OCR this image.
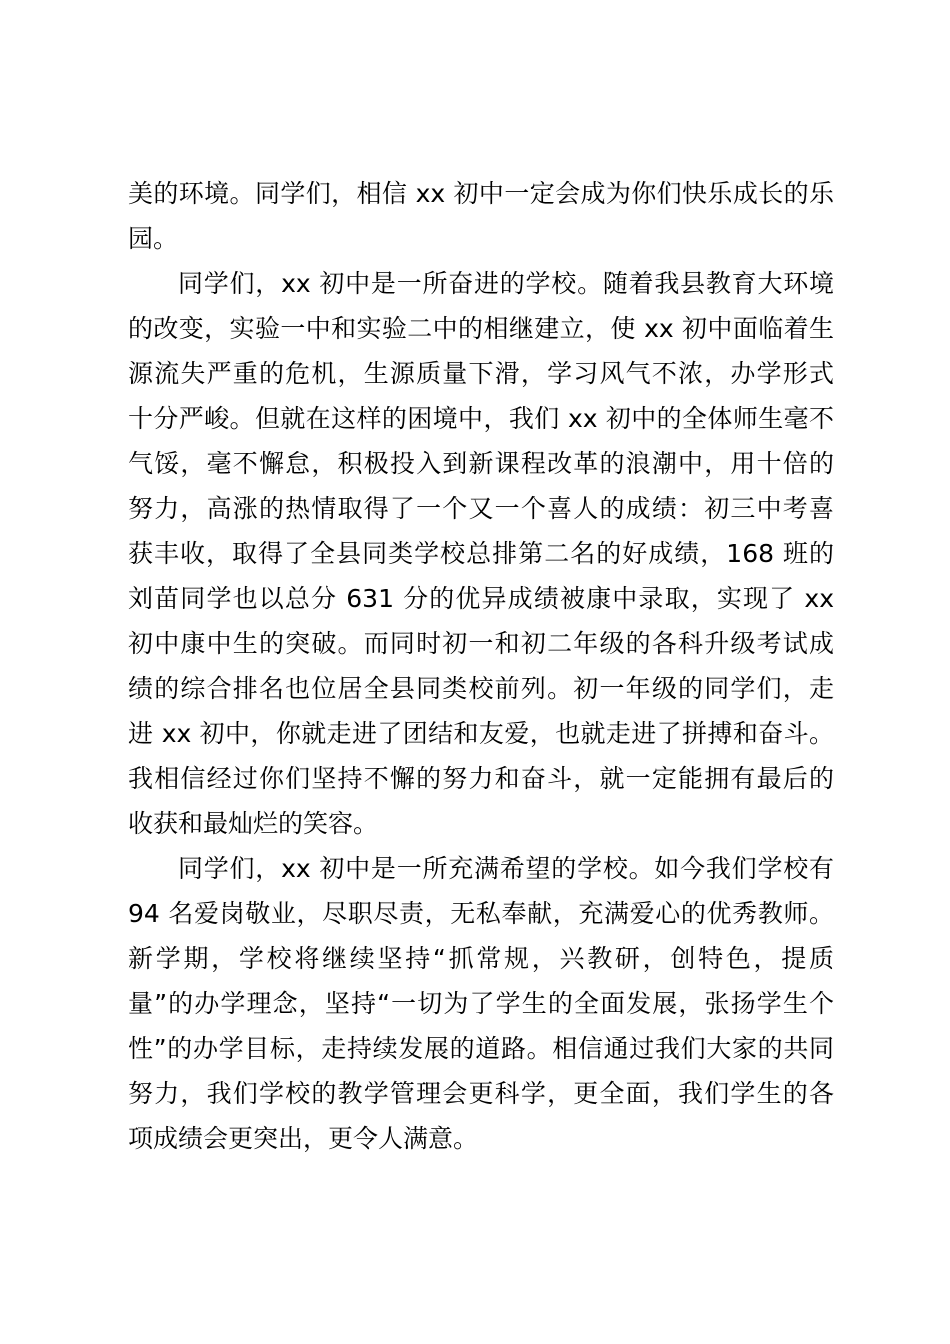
美的环境。同学们，相信 xx 初中一定会成为你们快乐成长的乐
园。
同学们，xx 初中是一所奋进的学校。随着我县教育大环境
的改变，实验一中和实验二中的相继建立，使 xx 初中面临着生
源流失严重的危机，生源质量下滑，学习风气不浓，办学形式
十分严峻。但就在这样的困境中，我们 xx 初中的全体师生毫不
气馁，毫不懈怠，积极投入到新课程改革的浪潮中，用十倍的
努力，高涨的热情取得了一个又一个喜人的成绩：初三中考喜
获丰收，取得了全县同类学校总排第二名的好成绩，168 班的
刘苗同学也以总分 631 分的优异成绩被康中录取，实现了 xx
初中康中生的突破。而同时初一和初二年级的各科升级考试成
绩的综合排名也位居全县同类校前列。初一年级的同学们，走
进 xx 初中，你就走进了团结和友爱，也就走进了拼搏和奋斗。
我相信经过你们坚持不懈的努力和奋斗，就一定能拥有最后的
收获和最灿烂的笑容。
同学们，xx 初中是一所充满希望的学校。如今我们学校有
94 名爱岗敬业，尽职尽责，无私奉献，充满爱心的优秀教师。
新学期，学校将继续坚持“抓常规，兴教研，创特色，提质
量”的办学理念，坚持“一切为了学生的全面发展，张扬学生个
性”的办学目标，走持续发展的道路。相信通过我们大家的共同
努力，我们学校的教学管理会更科学，更全面，我们学生的各
项成绩会更突出，更令人满意。
